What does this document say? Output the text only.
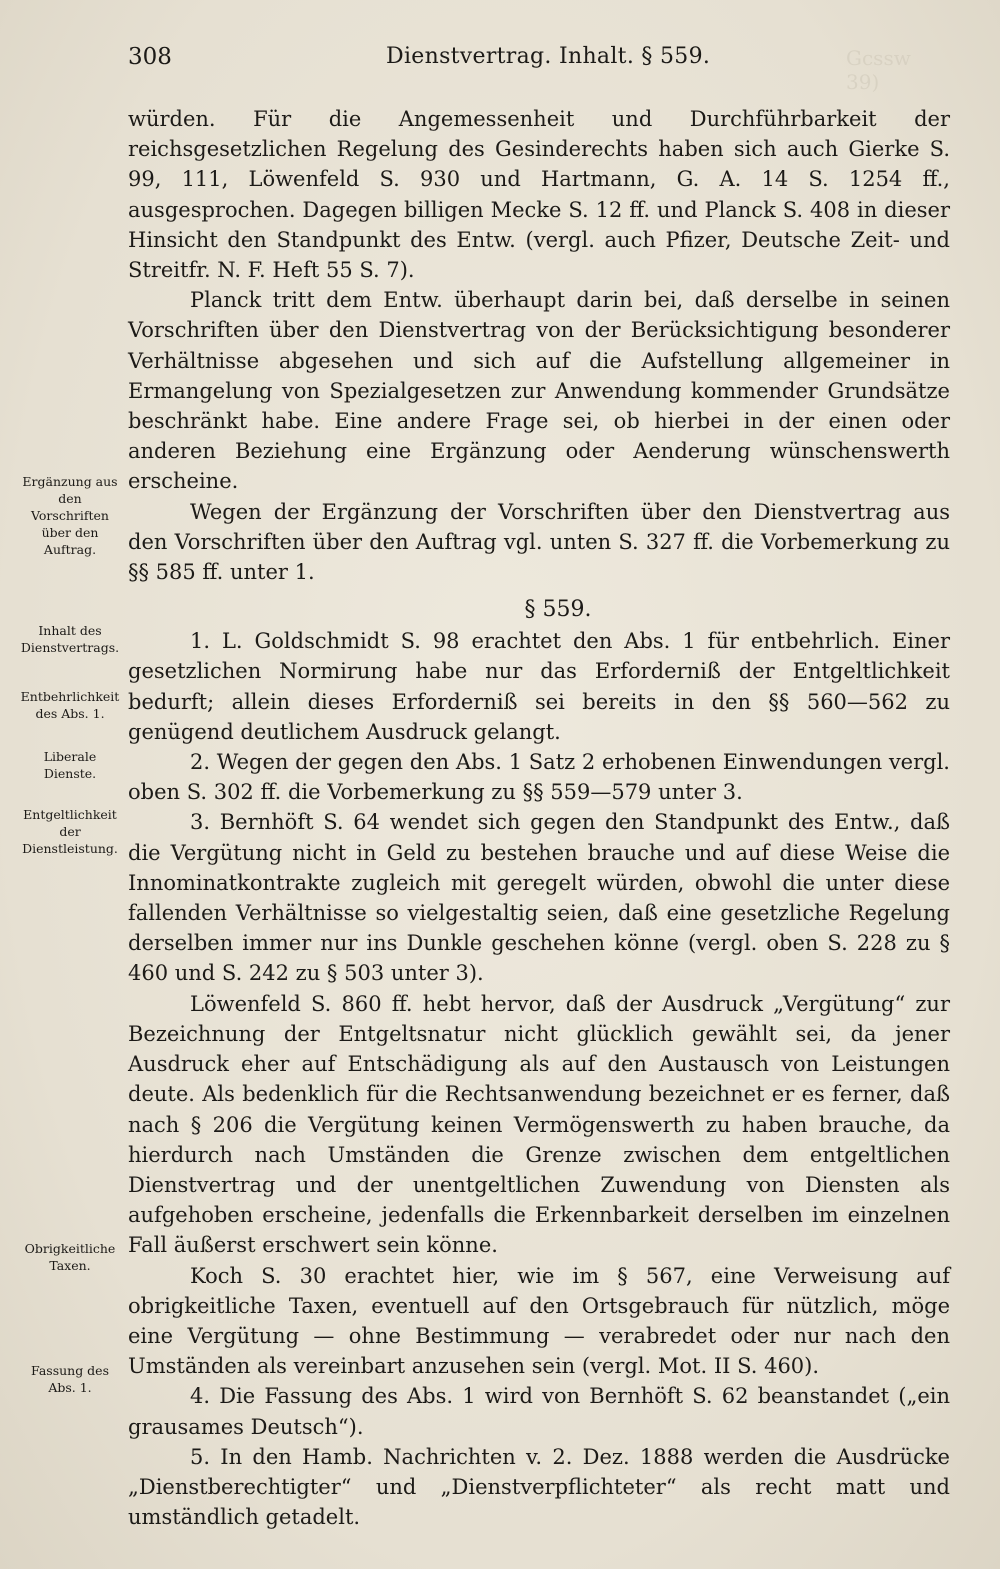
308	Dienstvertrag. Inhalt. § 559.	Gcssw 39)
Ergänzung aus den Vorschriften über den Auftrag.
Inhalt des Dienstvertrags.
Entbehrlichkeit des Abs. 1.
Liberale Dienste.
Entgeltlichkeit der Dienstleistung.
Obrigkeitliche Taxen.
Fassung des Abs. 1.

würden. Für die Angemessenheit und Durchführbarkeit der reichsgesetzlichen Regelung des Gesinderechts haben sich auch Gierke S. 99, 111, Löwenfeld S. 930 und Hartmann, G. A. 14 S. 1254 ff., ausgesprochen. Dagegen billigen Mecke S. 12 ff. und Planck S. 408 in dieser Hinsicht den Standpunkt des Entw. (vergl. auch Pfizer, Deutsche Zeit- und Streitfr. N. F. Heft 55 S. 7).

Planck tritt dem Entw. überhaupt darin bei, daß derselbe in seinen Vorschriften über den Dienstvertrag von der Berücksichtigung besonderer Verhältnisse abgesehen und sich auf die Aufstellung allgemeiner in Ermangelung von Spezialgesetzen zur Anwendung kommender Grundsätze beschränkt habe. Eine andere Frage sei, ob hierbei in der einen oder anderen Beziehung eine Ergänzung oder Aenderung wünschenswerth erscheine.

Wegen der Ergänzung der Vorschriften über den Dienstvertrag aus den Vorschriften über den Auftrag vgl. unten S. 327 ff. die Vorbemerkung zu §§ 585 ff. unter 1.

§ 559.

1. L. Goldschmidt S. 98 erachtet den Abs. 1 für entbehrlich. Einer gesetzlichen Normirung habe nur das Erforderniß der Entgeltlichkeit bedurft; allein dieses Erforderniß sei bereits in den §§ 560—562 zu genügend deutlichem Ausdruck gelangt.

2. Wegen der gegen den Abs. 1 Satz 2 erhobenen Einwendungen vergl. oben S. 302 ff. die Vorbemerkung zu §§ 559—579 unter 3.

3. Bernhöft S. 64 wendet sich gegen den Standpunkt des Entw., daß die Vergütung nicht in Geld zu bestehen brauche und auf diese Weise die Innominatkontrakte zugleich mit geregelt würden, obwohl die unter diese fallenden Verhältnisse so vielgestaltig seien, daß eine gesetzliche Regelung derselben immer nur ins Dunkle geschehen könne (vergl. oben S. 228 zu § 460 und S. 242 zu § 503 unter 3).

Löwenfeld S. 860 ff. hebt hervor, daß der Ausdruck „Vergütung“ zur Bezeichnung der Entgeltsnatur nicht glücklich gewählt sei, da jener Ausdruck eher auf Entschädigung als auf den Austausch von Leistungen deute. Als bedenklich für die Rechtsanwendung bezeichnet er es ferner, daß nach § 206 die Vergütung keinen Vermögenswerth zu haben brauche, da hierdurch nach Umständen die Grenze zwischen dem entgeltlichen Dienstvertrag und der unentgeltlichen Zuwendung von Diensten als aufgehoben erscheine, jedenfalls die Erkennbarkeit derselben im einzelnen Fall äußerst erschwert sein könne.

Koch S. 30 erachtet hier, wie im § 567, eine Verweisung auf obrigkeitliche Taxen, eventuell auf den Ortsgebrauch für nützlich, möge eine Vergütung — ohne Bestimmung — verabredet oder nur nach den Umständen als vereinbart anzusehen sein (vergl. Mot. II S. 460).

4. Die Fassung des Abs. 1 wird von Bernhöft S. 62 beanstandet („ein grausames Deutsch“).

5. In den Hamb. Nachrichten v. 2. Dez. 1888 werden die Ausdrücke „Dienstberechtigter“ und „Dienstverpflichteter“ als recht matt und umständlich getadelt.
